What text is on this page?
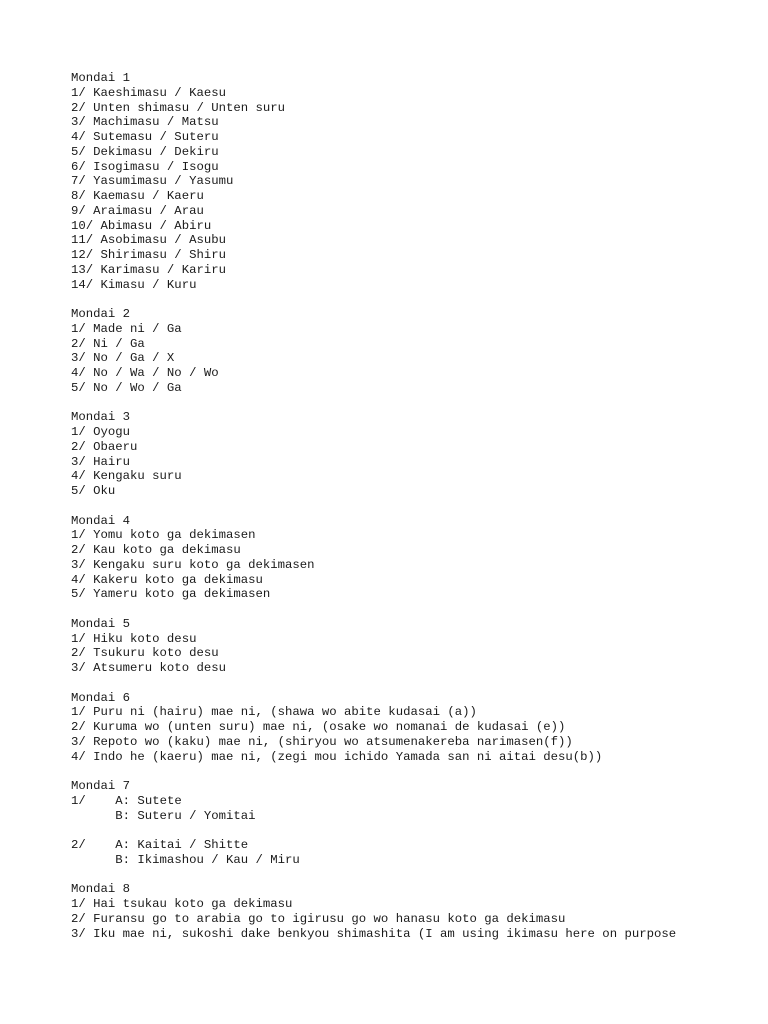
Mondai 1
1/ Kaeshimasu / Kaesu
2/ Unten shimasu / Unten suru
3/ Machimasu / Matsu
4/ Sutemasu / Suteru
5/ Dekimasu / Dekiru
6/ Isogimasu / Isogu
7/ Yasumimasu / Yasumu
8/ Kaemasu / Kaeru
9/ Araimasu / Arau
10/ Abimasu / Abiru
11/ Asobimasu / Asubu
12/ Shirimasu / Shiru
13/ Karimasu / Kariru
14/ Kimasu / Kuru
Mondai 2
1/ Made ni / Ga
2/ Ni / Ga
3/ No / Ga / X
4/ No / Wa / No / Wo
5/ No / Wo / Ga
Mondai 3
1/ Oyogu
2/ Obaeru
3/ Hairu
4/ Kengaku suru
5/ Oku
Mondai 4
1/ Yomu koto ga dekimasen
2/ Kau koto ga dekimasu
3/ Kengaku suru koto ga dekimasen
4/ Kakeru koto ga dekimasu
5/ Yameru koto ga dekimasen
Mondai 5
1/ Hiku koto desu
2/ Tsukuru koto desu
3/ Atsumeru koto desu
Mondai 6
1/ Puru ni (hairu) mae ni, (shawa wo abite kudasai (a))
2/ Kuruma wo (unten suru) mae ni, (osake wo nomanai de kudasai (e))
3/ Repoto wo (kaku) mae ni, (shiryou wo atsumenakereba narimasen(f))
4/ Indo he (kaeru) mae ni, (zegi mou ichido Yamada san ni aitai desu(b))
Mondai 7
1/ A: Sutete
B: Suteru / Yomitai
2/ A: Kaitai / Shitte
B: Ikimashou / Kau / Miru
Mondai 8
1/ Hai tsukau koto ga dekimasu
2/ Furansu go to arabia go to igirusu go wo hanasu koto ga dekimasu
3/ Iku mae ni, sukoshi dake benkyou shimashita (I am using ikimasu here on purpose
